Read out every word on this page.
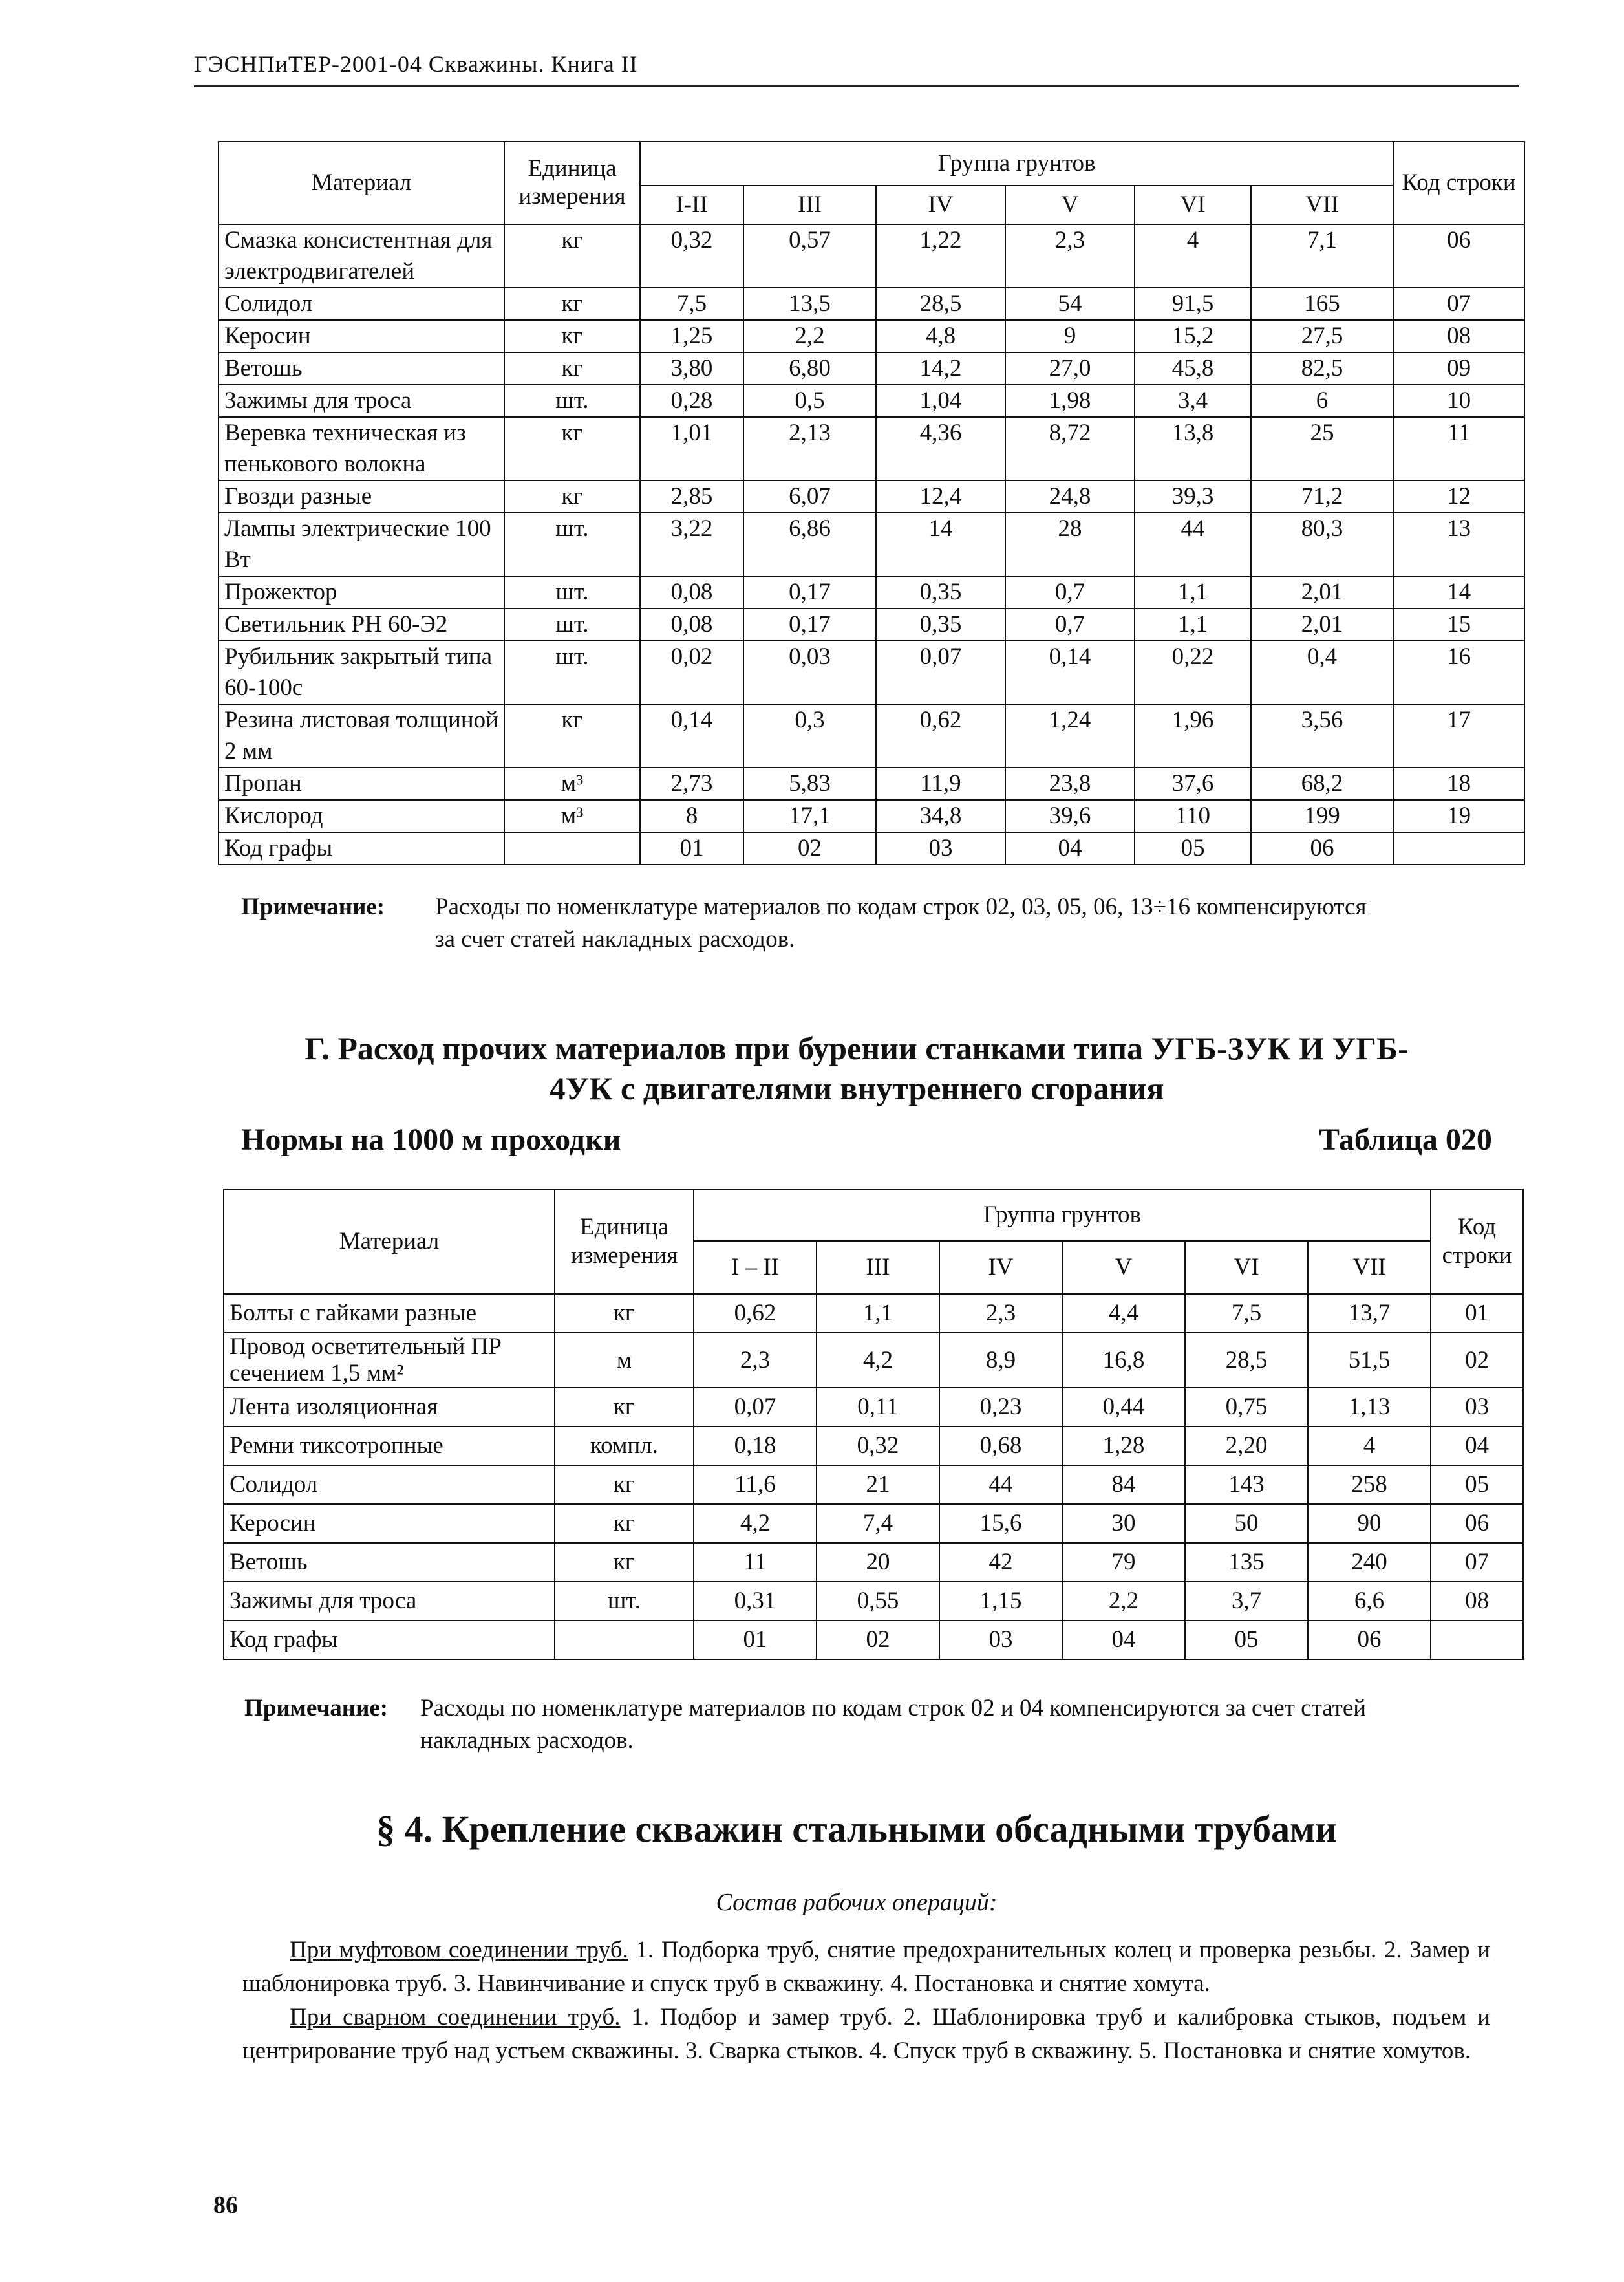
ГЭСНПиТЕР-2001-04 Скважины. Книга II
Материал	Единица измерения	Группа грунтов						Код строки
		I-II	III	IV	V	VI	VII	
Смазка консистентная для электродвигателей	кг	0,32	0,57	1,22	2,3	4	7,1	06
Солидол	кг	7,5	13,5	28,5	54	91,5	165	07
Керосин	кг	1,25	2,2	4,8	9	15,2	27,5	08
Ветошь	кг	3,80	6,80	14,2	27,0	45,8	82,5	09
Зажимы для троса	шт.	0,28	0,5	1,04	1,98	3,4	6	10
Веревка техническая из пенькового волокна	кг	1,01	2,13	4,36	8,72	13,8	25	11
Гвозди разные	кг	2,85	6,07	12,4	24,8	39,3	71,2	12
Лампы электрические 100 Вт	шт.	3,22	6,86	14	28	44	80,3	13
Прожектор	шт.	0,08	0,17	0,35	0,7	1,1	2,01	14
Светильник РН 60-Э2	шт.	0,08	0,17	0,35	0,7	1,1	2,01	15
Рубильник закрытый типа 60-100с	шт.	0,02	0,03	0,07	0,14	0,22	0,4	16
Резина листовая толщиной 2 мм	кг	0,14	0,3	0,62	1,24	1,96	3,56	17
Пропан	м³	2,73	5,83	11,9	23,8	37,6	68,2	18
Кислород	м³	8	17,1	34,8	39,6	110	199	19
Код графы		01	02	03	04	05	06	
Примечание: Расходы по номенклатуре материалов по кодам строк 02, 03, 05, 06, 13÷16 компенсируются
за счет статей накладных расходов.
Г. Расход прочих материалов при бурении станками типа УГБ-3УК И УГБ-
4УК с двигателями внутреннего сгорания
Нормы на 1000 м проходки	Таблица 020
Материал	Единица измерения	Группа грунтов						Код строки
		I – II	III	IV	V	VI	VII	
Болты с гайками разные	кг	0,62	1,1	2,3	4,4	7,5	13,7	01
Провод осветительный ПР сечением 1,5 мм²	м	2,3	4,2	8,9	16,8	28,5	51,5	02
Лента изоляционная	кг	0,07	0,11	0,23	0,44	0,75	1,13	03
Ремни тиксотропные	компл.	0,18	0,32	0,68	1,28	2,20	4	04
Солидол	кг	11,6	21	44	84	143	258	05
Керосин	кг	4,2	7,4	15,6	30	50	90	06
Ветошь	кг	11	20	42	79	135	240	07
Зажимы для троса	шт.	0,31	0,55	1,15	2,2	3,7	6,6	08
Код графы		01	02	03	04	05	06	
Примечание: Расходы по номенклатуре материалов по кодам строк 02 и 04 компенсируются за счет статей
накладных расходов.
§ 4. Крепление скважин стальными обсадными трубами
Состав рабочих операций:
При муфтовом соединении труб. 1. Подборка труб, снятие предохранительных колец и проверка резьбы. 2. Замер и шаблонировка труб. 3. Навинчивание и спуск труб в скважину. 4. Постановка и снятие хомута.
При сварном соединении труб. 1. Подбор и замер труб. 2. Шаблонировка труб и калибровка стыков, подъем и центрирование труб над устьем скважины. 3. Сварка стыков. 4. Спуск труб в скважину. 5. Постановка и снятие хомутов.
86
